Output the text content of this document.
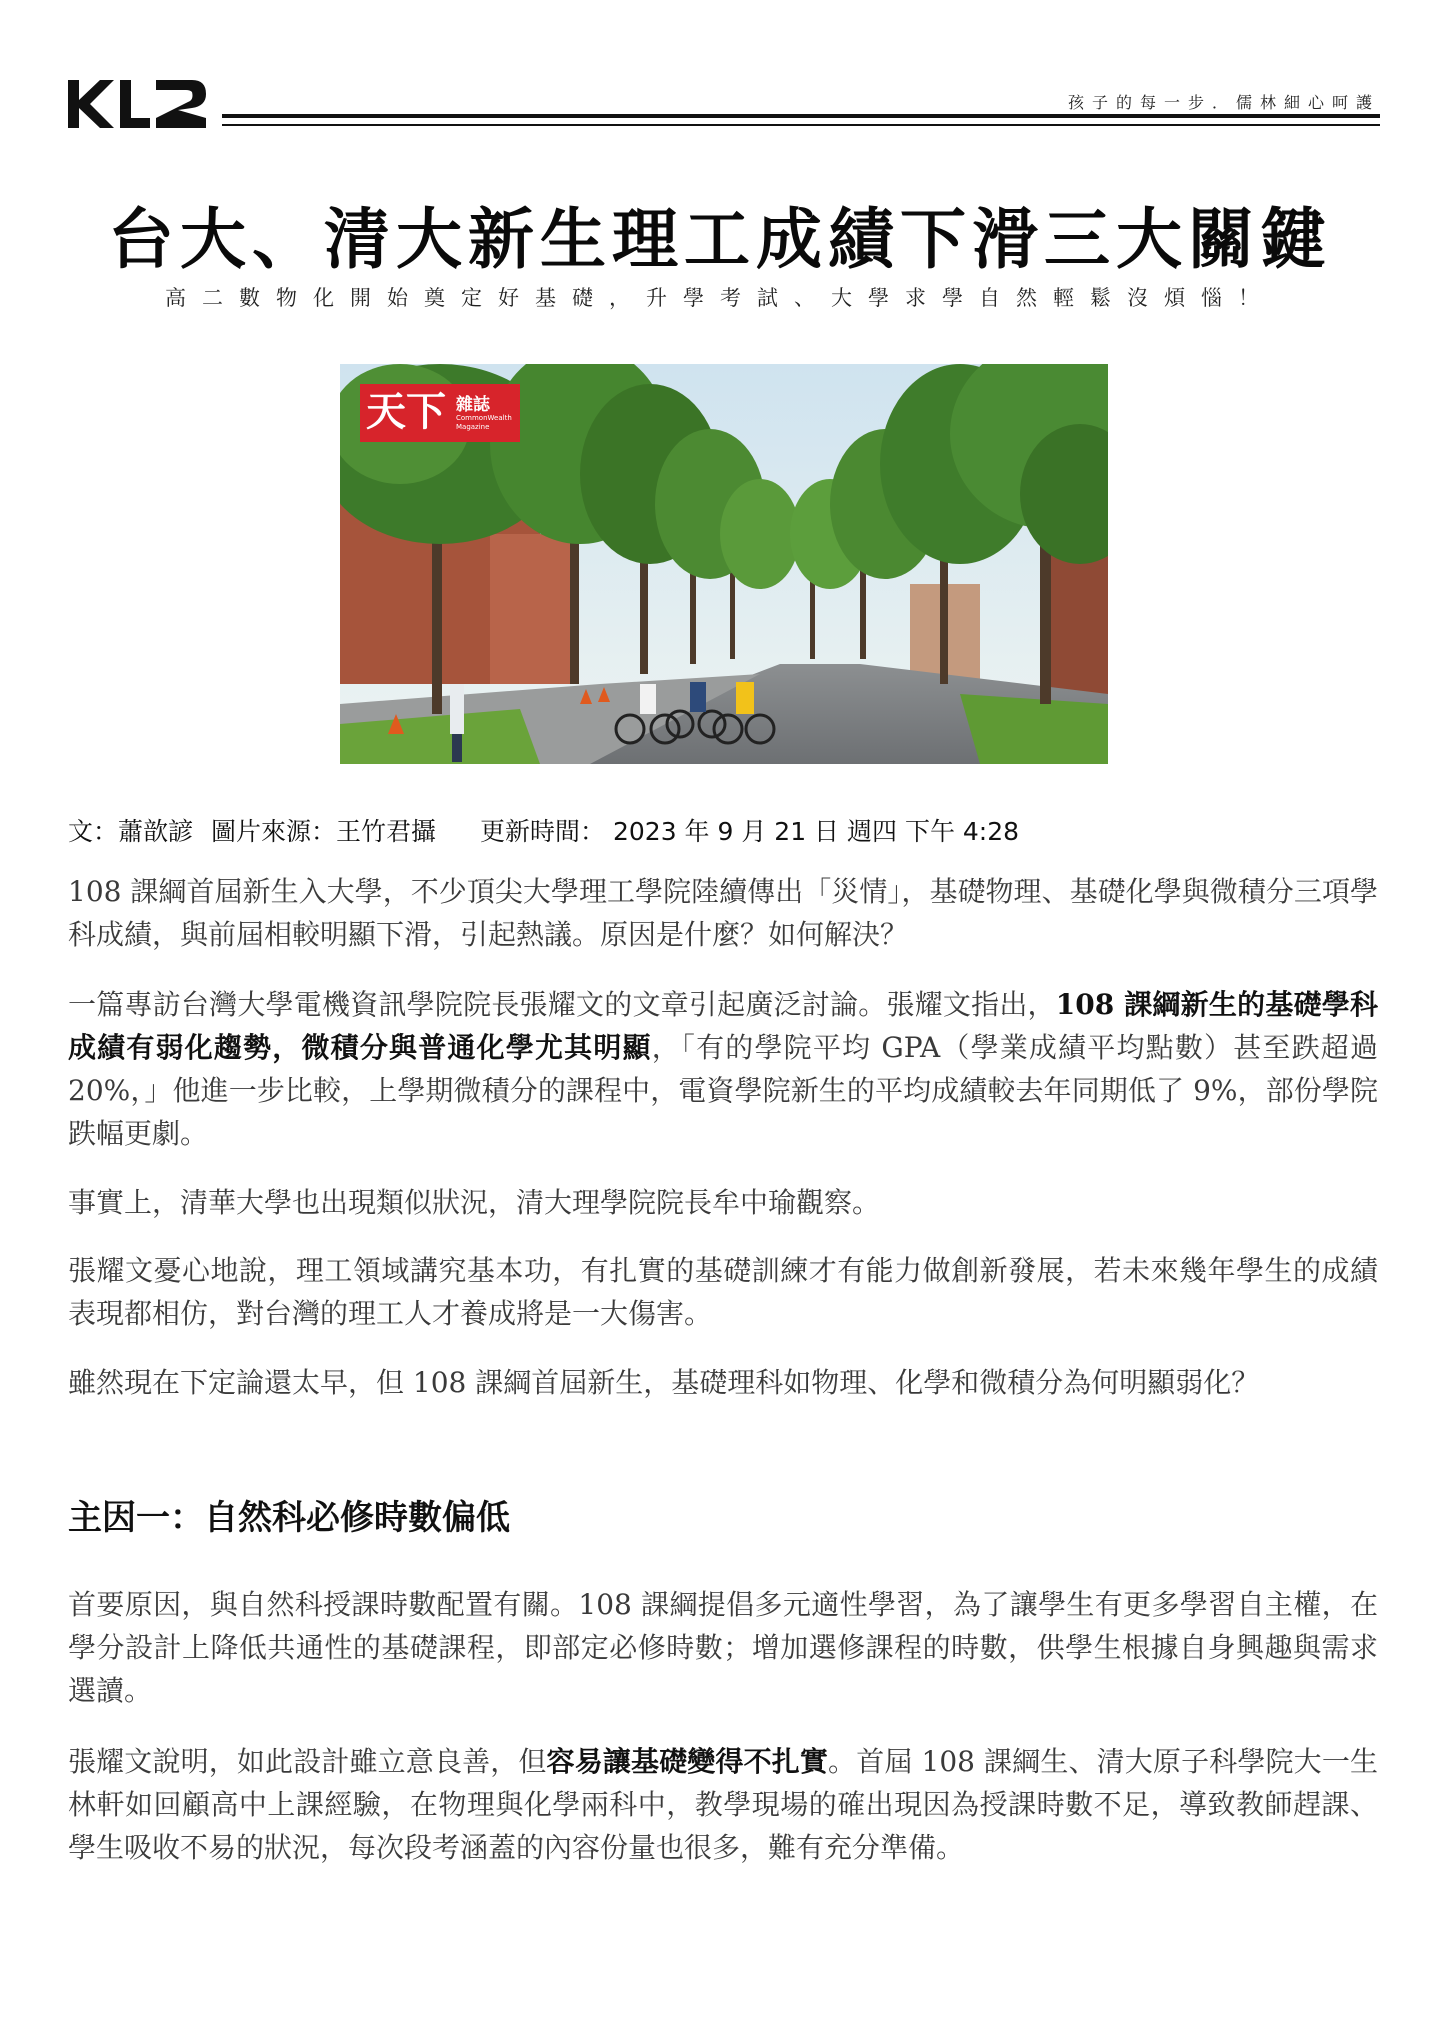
孩子的每一步．儒林細心呵護
台大、清大新生理工成績下滑三大關鍵
高二數物化開始奠定好基礎，升學考試、大學求學自然輕鬆沒煩惱！
天下 雜誌
CommonWealth Magazine
文：蕭歆諺 圖片來源：王竹君攝 更新時間： 2023 年 9 月 21 日 週四 下午 4:28
108 課綱首屆新生入大學，不少頂尖大學理工學院陸續傳出「災情」，基礎物理、基礎化學與微積分三項學科成績，與前屆相較明顯下滑，引起熱議。原因是什麼？如何解決？
一篇專訪台灣大學電機資訊學院院長張耀文的文章引起廣泛討論。張耀文指出，108 課綱新生的基礎學科成績有弱化趨勢，微積分與普通化學尤其明顯，「有的學院平均 GPA（學業成績平均點數）甚至跌超過 20%，」他進一步比較，上學期微積分的課程中，電資學院新生的平均成績較去年同期低了 9%，部份學院跌幅更劇。
事實上，清華大學也出現類似狀況，清大理學院院長牟中瑜觀察。
張耀文憂心地說，理工領域講究基本功，有扎實的基礎訓練才有能力做創新發展，若未來幾年學生的成績表現都相仿，對台灣的理工人才養成將是一大傷害。
雖然現在下定論還太早，但 108 課綱首屆新生，基礎理科如物理、化學和微積分為何明顯弱化？
主因一：自然科必修時數偏低
首要原因，與自然科授課時數配置有關。108 課綱提倡多元適性學習，為了讓學生有更多學習自主權，在學分設計上降低共通性的基礎課程，即部定必修時數；增加選修課程的時數，供學生根據自身興趣與需求選讀。
張耀文說明，如此設計雖立意良善，但容易讓基礎變得不扎實。首屆 108 課綱生、清大原子科學院大一生林軒如回顧高中上課經驗，在物理與化學兩科中，教學現場的確出現因為授課時數不足，導致教師趕課、學生吸收不易的狀況，每次段考涵蓋的內容份量也很多，難有充分準備。
